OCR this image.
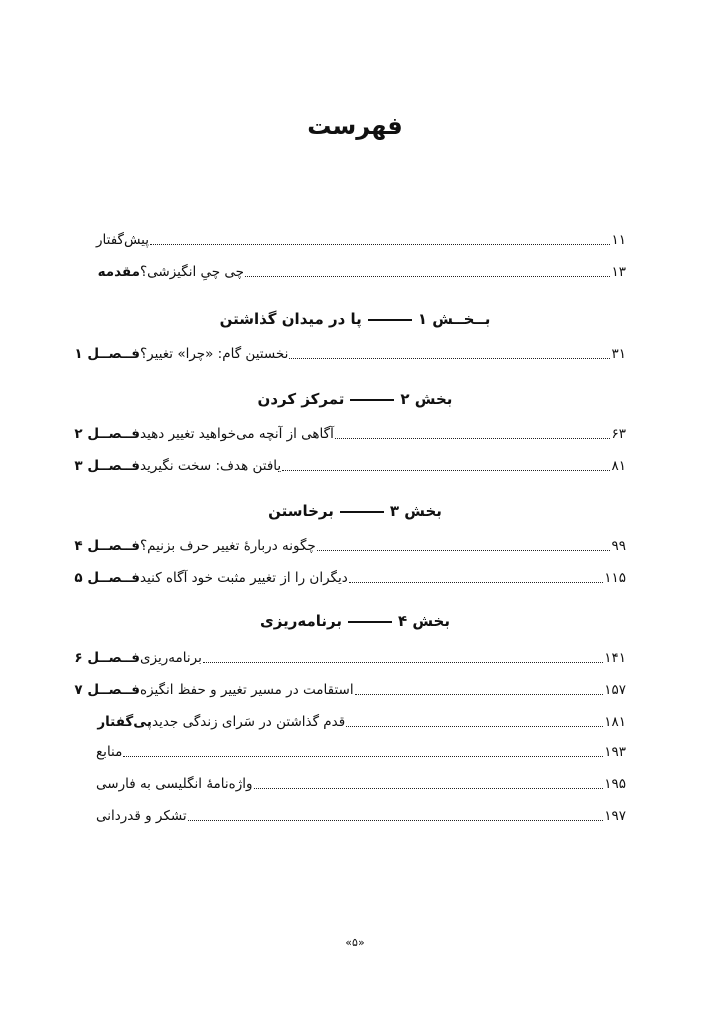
فهرست
پیش‌گفتار	۱۱
مقدمه چی چیِ انگیزشی؟	۱۳
بــخــش ۱پا در میدان گذاشتن
فــصــل ۱ نخستین گام: «چرا» تغییر؟	۳۱
بخش ۲تمرکز کردن
فــصــل ۲ آگاهی از آنچه می‌خواهید تغییر دهید	۶۳
فــصــل ۳ یافتن هدف: سخت نگیرید	۸۱
بخش ۳برخاستن
فــصــل ۴ چگونه دربارهٔ تغییر حرف بزنیم؟	۹۹
فــصــل ۵ دیگران را از تغییر مثبت خود آگاه کنید	۱۱۵
بخش ۴برنامه‌ریزی
فــصــل ۶ برنامه‌ریزی	۱۴۱
فــصــل ۷ استقامت در مسیر تغییر و حفظ انگیزه	۱۵۷
پی‌گفتار قدم گذاشتن در سَرای زندگی جدید	۱۸۱
منابع	۱۹۳
واژه‌نامهٔ انگلیسی به فارسی	۱۹۵
تشکر و قدردانی	۱۹۷
«۵»
